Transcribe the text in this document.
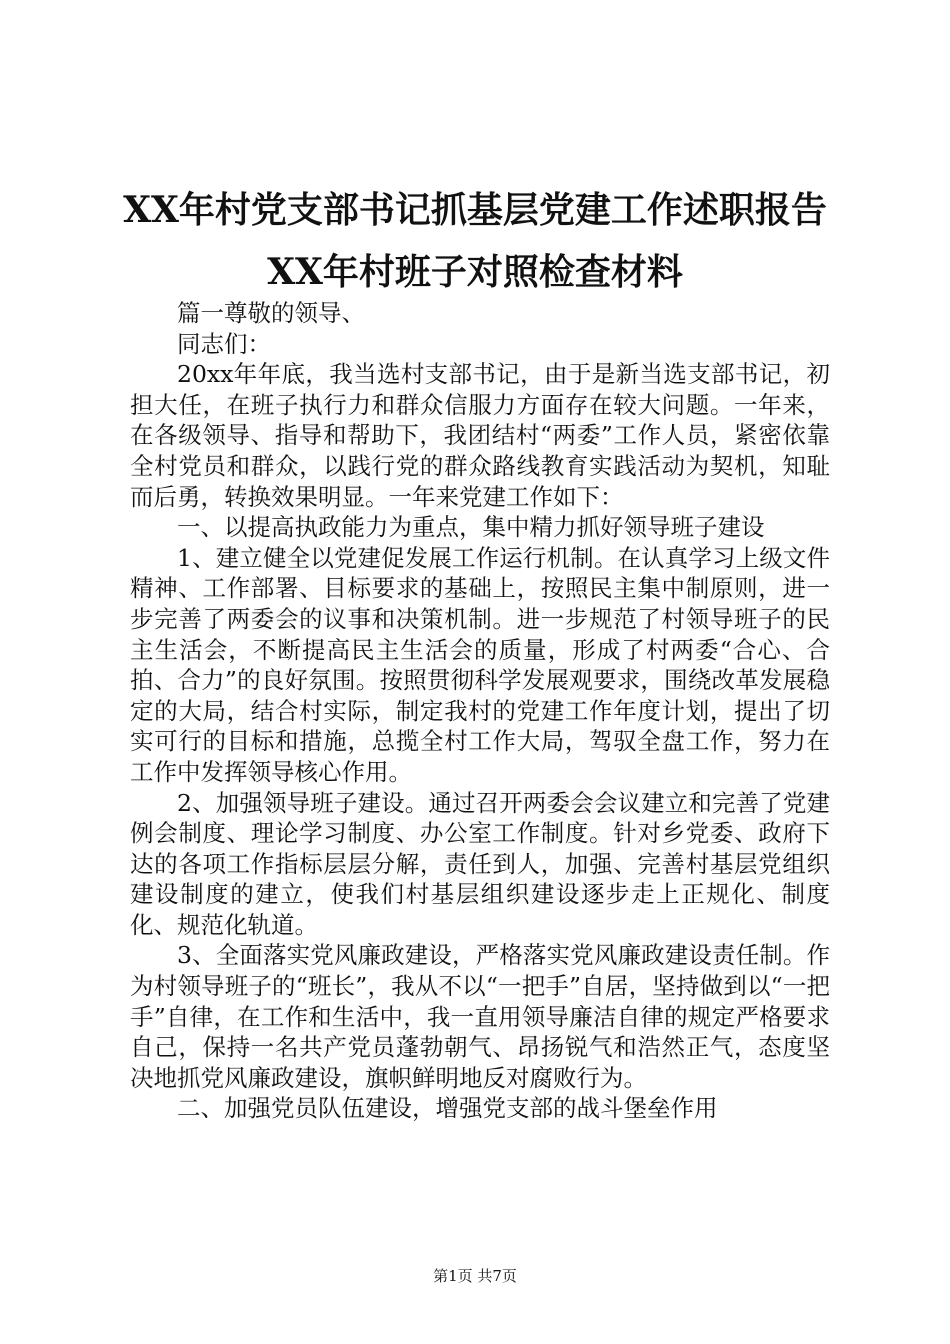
XX年村党支部书记抓基层党建工作述职报告
XX年村班子对照检查材料

篇一尊敬的领导、

同志们：

20xx年年底，我当选村支部书记，由于是新当选支部书记，初担大任，在班子执行力和群众信服力方面存在较大问题。一年来，在各级领导、指导和帮助下，我团结村“两委”工作人员，紧密依靠全村党员和群众，以践行党的群众路线教育实践活动为契机，知耻而后勇，转换效果明显。一年来党建工作如下：

一、以提高执政能力为重点，集中精力抓好领导班子建设

1、建立健全以党建促发展工作运行机制。在认真学习上级文件精神、工作部署、目标要求的基础上，按照民主集中制原则，进一步完善了两委会的议事和决策机制。进一步规范了村领导班子的民主生活会，不断提高民主生活会的质量，形成了村两委“合心、合拍、合力”的良好氛围。按照贯彻科学发展观要求，围绕改革发展稳定的大局，结合村实际，制定我村的党建工作年度计划，提出了切实可行的目标和措施，总揽全村工作大局，驾驭全盘工作，努力在工作中发挥领导核心作用。

2、加强领导班子建设。通过召开两委会会议建立和完善了党建例会制度、理论学习制度、办公室工作制度。针对乡党委、政府下达的各项工作指标层层分解，责任到人，加强、完善村基层党组织建设制度的建立，使我们村基层组织建设逐步走上正规化、制度化、规范化轨道。

3、全面落实党风廉政建设，严格落实党风廉政建设责任制。作为村领导班子的“班长”，我从不以“一把手”自居，坚持做到以“一把手”自律，在工作和生活中，我一直用领导廉洁自律的规定严格要求自己，保持一名共产党员蓬勃朝气、昂扬锐气和浩然正气，态度坚决地抓党风廉政建设，旗帜鲜明地反对腐败行为。

二、加强党员队伍建设，增强党支部的战斗堡垒作用

第1页 共7页
